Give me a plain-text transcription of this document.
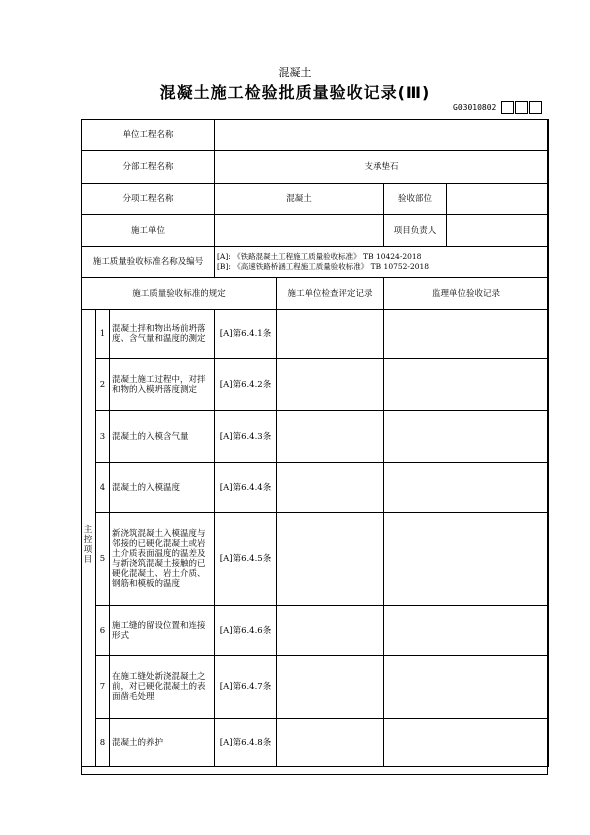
混凝土
混凝土施工检验批质量验收记录(Ⅲ)
G03010802
单位工程名称						
分部工程名称			支承垫石			
分项工程名称			混凝土		验收部位	
施工单位					项目负责人	
施工质量验收标准名称及编号			[A]: 《铁路混凝土工程施工质量验收标准》 TB 10424-2018
[B]: 《高速铁路桥涵工程施工质量验收标准》 TB 10752-2018			

施工质量验收标准的规定				施工单位检查评定记录	监理单位验收记录	
	1	混凝土拌和物出场前坍落度、含气量和温度的测定	[A]第6.4.1条			
	2	混凝土施工过程中，对拌和物的入模坍落度测定	[A]第6.4.2条			
	3	混凝土的入模含气量	[A]第6.4.3条			
	4	混凝土的入模温度	[A]第6.4.4条			
	5	新浇筑混凝土入模温度与邻接的已硬化混凝土或岩土介质表面温度的温差及与新浇筑混凝土接触的已硬化混凝土、岩土介质、钢筋和模板的温度	[A]第6.4.5条			
	6	施工缝的留设位置和连接形式	[A]第6.4.6条			
	7	在施工缝处新浇混凝土之前，对已硬化混凝土的表面凿毛处理	[A]第6.4.7条			
	8	混凝土的养护	[A]第6.4.8条			
主控项目
